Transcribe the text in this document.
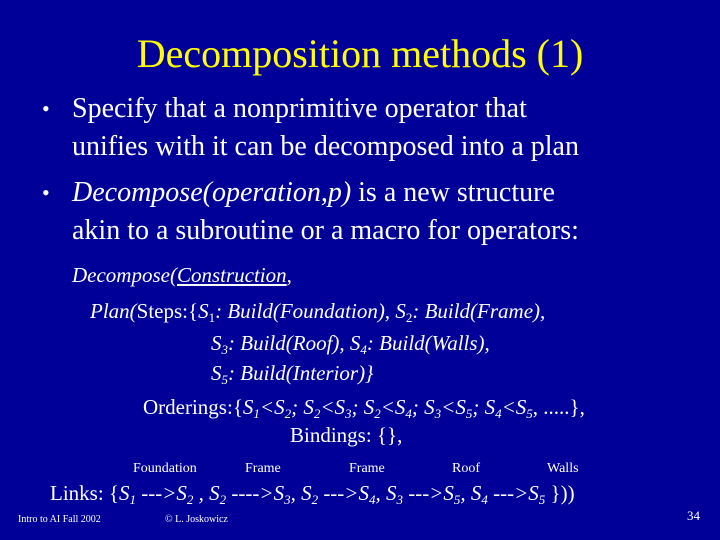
Decomposition methods (1)
• Specify that a nonprimitive operator that
unifies with it can be decomposed into a plan
• Decompose(operation,p) is a new structure
akin to a subroutine or a macro for operators:
Decompose(Construction,
$Plan(Steps:\{S_1$: Build(Foundation), $S_2$: Build(Frame),
$S_3$: Build(Roof), $S_4$: Build(Walls),
$S_5$: Build(Interior)}
$Orderings:\{S_1<S_2$; $S_2<S_3$; $S_2<S_4$; $S_3<S_5$; $S_4<S_5$, .....},
Bindings: {},
Foundation	Frame	Frame	Roof	Walls
Links: {$S_1$ $--->S_2$ , $S_2$ $---->S_3$, $S_2$ $--->S_4$, $S_3$ $--->S_5$, $S_4$ $--->S_5$ }))
Intro to AI Fall 2002	© L. Joskowicz	34
